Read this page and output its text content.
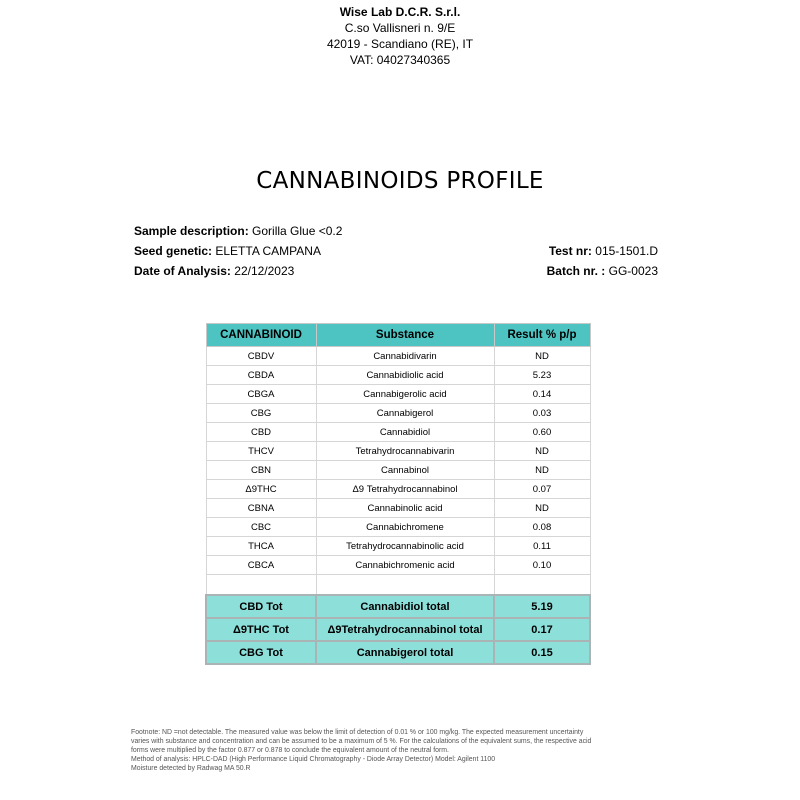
Wise Lab D.C.R. S.r.l.
C.so Vallisneri n. 9/E
42019 - Scandiano (RE), IT
VAT: 04027340365
CANNABINOIDS PROFILE
Sample description: Gorilla Glue <0.2
Seed genetic: ELETTA CAMPANA
Date of Analysis: 22/12/2023
Test nr: 015-1501.D
Batch nr. : GG-0023
CANNABINOID	Substance	Result % p/p
CBDV	Cannabidivarin	ND
CBDA	Cannabidiolic acid	5.23
CBGA	Cannabigerolic acid	0.14
CBG	Cannabigerol	0.03
CBD	Cannabidiol	0.60
THCV	Tetrahydrocannabivarin	ND
CBN	Cannabinol	ND
Δ9THC	Δ9 Tetrahydrocannabinol	0.07
CBNA	Cannabinolic acid	ND
CBC	Cannabichromene	0.08
THCA	Tetrahydrocannabinolic acid	0.11
CBCA	Cannabichromenic acid	0.10

CBD Tot	Cannabidiol total	5.19
Δ9THC Tot	Δ9Tetrahydrocannabinol total	0.17
CBG Tot	Cannabigerol total	0.15
Footnote: ND =not detectable. The measured value was below the limit of detection of 0.01 % or 100 mg/kg. The expected measurement uncertainty
varies with substance and concentration and can be assumed to be a maximum of 5 %. For the calculations of the equivalent sums, the respective acid
forms were multiplied by the factor 0.877 or 0.878 to conclude the equivalent amount of the neutral form.
Method of analysis: HPLC-DAD (High Performance Liquid Chromatography - Diode Array Detector) Model: Agilent 1100
Moisture detected by Radwag MA 50.R
